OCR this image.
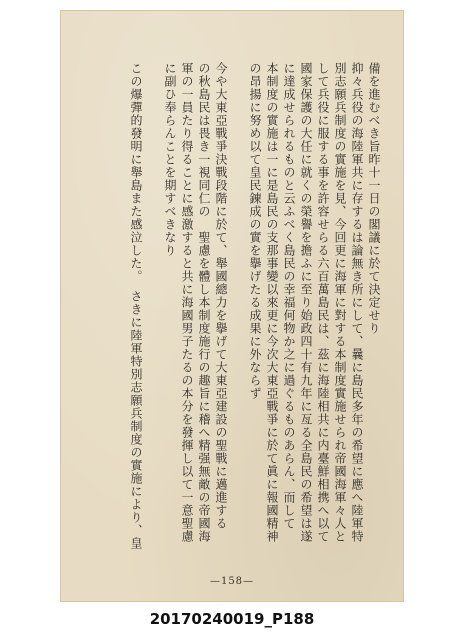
備を進むべき旨昨十一日の閣議に於て決定せり
抑々兵役の海陸軍共に存するは論無き所にして、曩に島民多年の希望に應へ陸軍特
別志願兵制度の實施を見、今回更に海軍に對する本制度實施せられ帝國海軍々人と
して兵役に服する事を許容せらる六百萬島民は、茲に海陸相共に内臺鮮相携へ以て
國家保護の大任に就くの榮譽を擔ふに至り始政四十有九年に亙る全島民の希望は遂
に達成せられるものと云ふべく島民の幸福何物か之に過ぐるものあらん、而して
本制度の實施は一に是島民の支那事變以來更に今次大東亞戰爭に於て眞に報國精神
の昂揚に努め以て皇民錬成の實を擧げたる成果に外ならず
今や大東亞戰爭決戰段階に於て、舉國總力を擧げて大東亞建設の聖戰に邁進する
の秋島民は畏き一視同仁の　聖慮を體し本制度施行の趣旨に稽へ精强無敵の帝國海
軍の一員たり得ることに感激すると共に海國男子たるの本分を發揮し以て一意聖慮
に副ひ奉らんことを期すべきなり
この爆彈的發明に舉島また感泣した。　さきに陸軍特別志願兵制度の實施により、皇
—158—
20170240019_P188
